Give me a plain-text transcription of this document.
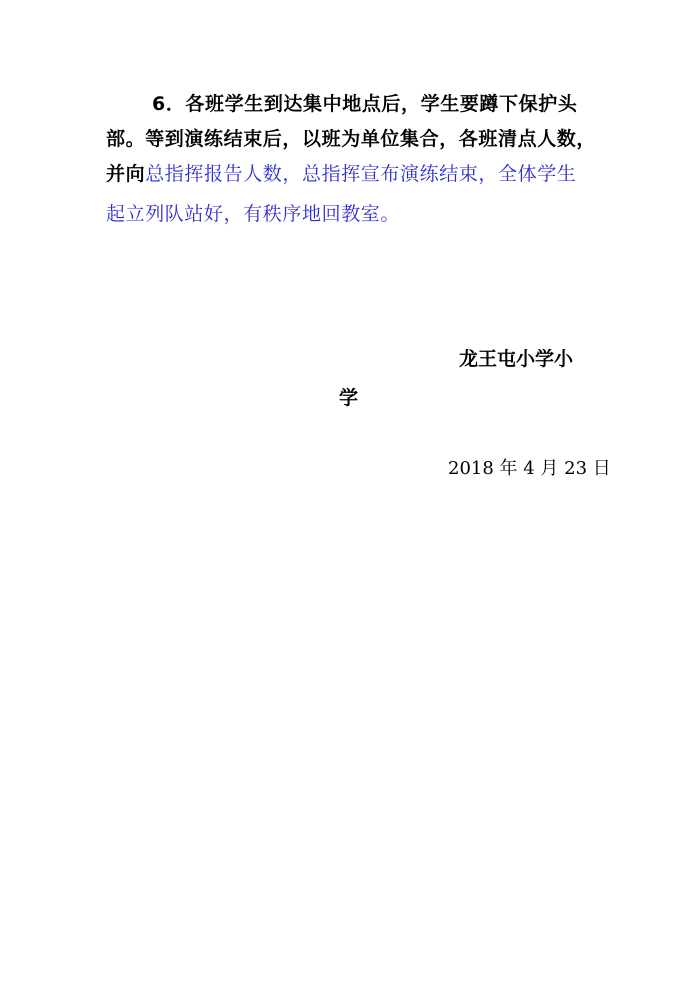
6．各班学生到达集中地点后，学生要蹲下保护头
部。等到演练结束后，以班为单位集合，各班清点人数，
并向总指挥报告人数，总指挥宣布演练结束，全体学生
起立列队站好，有秩序地回教室。
龙王屯小学小
学
2018 年 4 月 23 日
